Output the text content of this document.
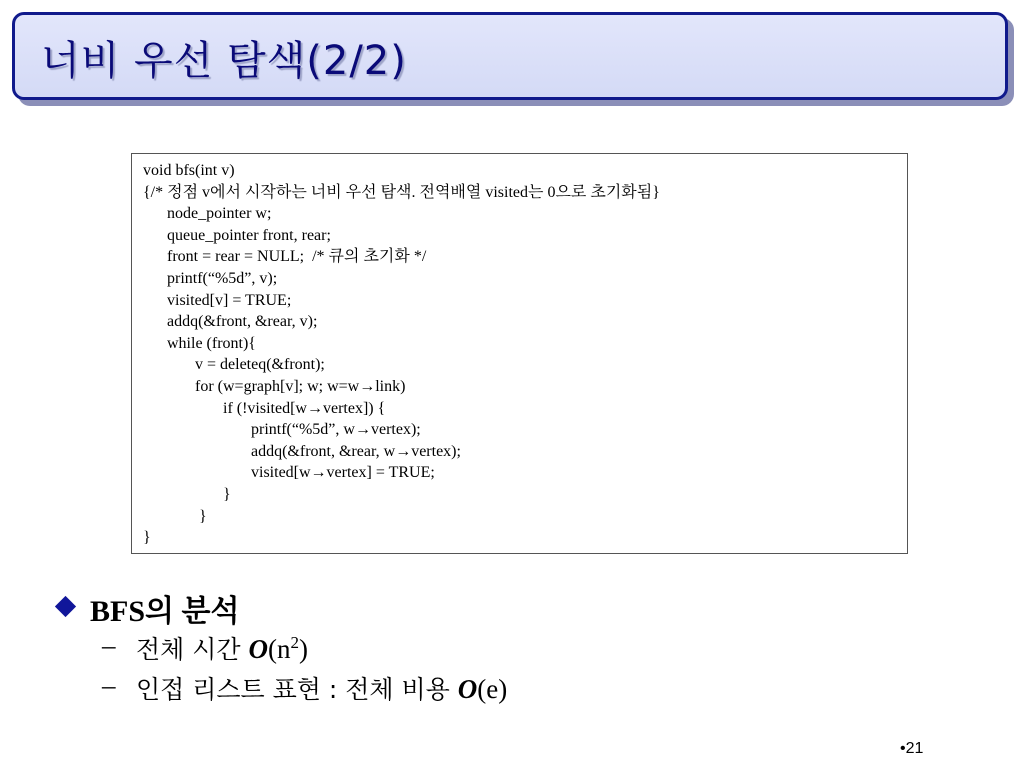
너비 우선 탐색(2/2)
void bfs(int v)
{/* 정점 v에서 시작하는 너비 우선 탐색. 전역배열 visited는 0으로 초기화됨}
node_pointer w;
queue_pointer front, rear;
front = rear = NULL;  /* 큐의 초기화 */
printf(“%5d”, v);
visited[v] = TRUE;
addq(&front, &rear, v);
while (front){
v = deleteq(&front);
for (w=graph[v]; w; w=w→link)
if (!visited[w→vertex]) {
printf(“%5d”, w→vertex);
addq(&front, &rear, w→vertex);
visited[w→vertex] = TRUE;
}
}
}
BFS의 분석
– 전체 시간 $O(n^2)$
– 인접 리스트 표현 : 전체 비용 O(e)
•21
